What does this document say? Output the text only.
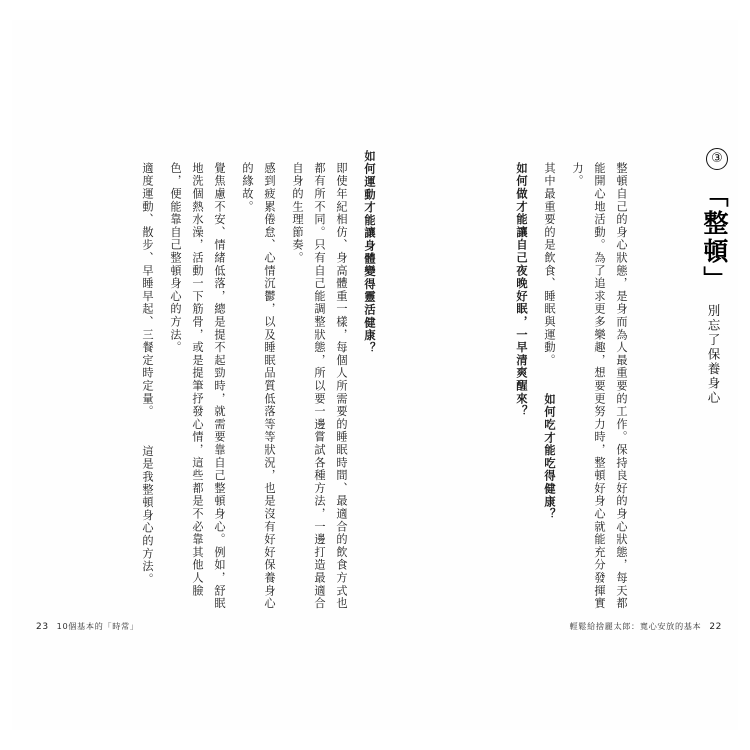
③
「整頓」
別忘了保養身心
整頓自己的身心狀態，是身而為人最重要的工作。保持良好的身心狀態，每天都能開心地活動。為了追求更多樂趣，想要更努力時，整頓好身心就能充分發揮實力。 其中最重要的是飲食、睡眠與運動。 如何吃才能吃得健康？ 如何做才能讓自己夜晚好眠，一早清爽醒來？
如何運動才能讓身體變得靈活健康？ 即使年紀相仿、身高體重一樣，每個人所需要的睡眠時間、最適合的飲食方式也都有所不同。只有自己能調整狀態，所以要一邊嘗試各種方法，一邊打造最適合自身的生理節奏。 感到疲累倦怠、心情沉鬱，以及睡眠品質低落等等狀況，也是沒有好好保養身心的緣故。 覺焦慮不安、情緒低落，總是提不起勁時，就需要靠自己整頓身心。例如，舒眠地洗個熱水澡，活動一下筋骨，或是提筆抒發心情，這些都是不必靠其他人臉色，便能靠自己整頓身心的方法。 適度運動、散步、早睡早起、三餐定時定量。 這是我整頓身心的方法。
23 10個基本的「時常」	輕鬆給捨麗太郎：寬心安放的基本 22
